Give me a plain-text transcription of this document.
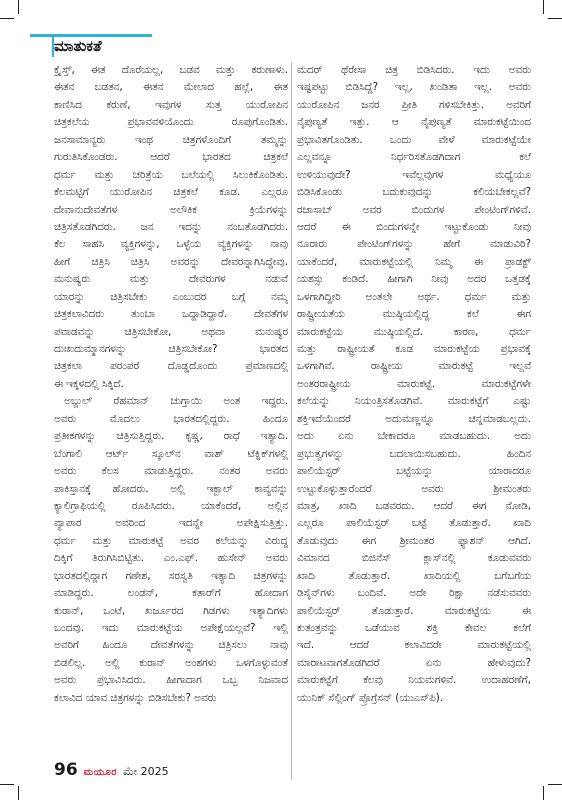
ಮಾತುಕತೆ
ಕ್ರೈಸ್ತ್, ಈತ ದೊರೆಯಲ್ಲ, ಬಡವ ಮತ್ತು ಕರುಣಾಳು.
ಈತನ ಬಡತನ, ಈತನ ಮೇಲಾದ ಹಲ್ಲೆ, ಈತ
ಕಾಣಿಸಿದ ಕರುಣೆ, ಇವುಗಳ ಸುತ್ತ ಯುರೋಪಿನ
ಚಿತ್ರಕಲೆಯ ಪ್ರಭಾವವಳಿಯೊಂದು ರೂಪುಗೊಂಡಿತು.
ಜನಸಾಮಾನ್ಯರು ಇಂಥ ಚಿತ್ರಗಳೊಂದಿಗೆ ತಮ್ಮನ್ನು
ಗುರುತಿಸಿಕೊಂಡರು. ಆದರೆ ಭಾರತದ ಚಿತ್ರಕಲೆ
ಧರ್ಮ ಮತ್ತು ಚರಿತ್ರೆಯ ಬಲೆಯಲ್ಲಿ ಸಿಲುಕಿಕೊಂಡಿತು.
ಕೆಲಮಟ್ಟಿಗೆ ಯುರೋಪಿನ ಚಿತ್ರಕಲೆ ಕೂಡ. ಎಲ್ಲರೂ
ದೇವಾನುದೇವತೆಗಳ ಅಲೌಕಿಕ ಕ್ರಿಯೆಗಳನ್ನು
ಚಿತ್ರಿಸತೊಡಗಿದರು. ಜನ ಇದನ್ನು ನಂಬತೊಡಗಿದರು.
ಕೆಲ ಸಾಹಸಿ ವ್ಯಕ್ತಿಗಳನ್ನು, ಒಳ್ಳೆಯ ವ್ಯಕ್ತಿಗಳನ್ನು ನಾವು
ಹೀಗೆ ಚಿತ್ರಿಸಿ ಚಿತ್ರಿಸಿ ಅವರನ್ನು ದೇವರನ್ನಾಗಿಸಿದ್ದೇವು.
ಮನುಷ್ಯರು ಮತ್ತು ದೇವರುಗಳ ನಡುವೆ
ಯಾರನ್ನು ಚಿತ್ರಿಸಬೇಕು ಎಂಬುದರ ಬಗ್ಗೆ ನಮ್ಮ
ಚಿತ್ರಕಲಾವಿದರು ತುಂಬಾ ಒದ್ದಾಡಿದ್ದಾರೆ. ದೇವತೆಗಳ
ಪವಾಡವನ್ನು ಚಿತ್ರಿಸಬೇಕೋ, ಅಥವಾ ಮನುಷ್ಯರ
ದುಃಖದುಮ್ಮಾನಗಳನ್ನು ಚಿತ್ರಿಸಬೇಕೋ? ಭಾರತದ
ಚಿತ್ರಕಲಾ ಪರಂಪರೆ ದೊಡ್ಡದೊಂದು ಪ್ರಮಾಣದಲ್ಲಿ
ಈ ಇಕ್ಕಳದಲ್ಲಿ ಸಿಕ್ಕಿದೆ.
ಅಬ್ದುಲ್ ರೆಹಮಾನ್ ಚುಗ್ತಾಯಿ ಅಂತ ಇದ್ದರು.
ಅವರು ಮೊದಲು ಭಾರತದಲ್ಲಿದ್ದರು. ಹಿಂದೂ
ಪ್ರತೀಕಗಳನ್ನು ಚಿತ್ರಿಸುತ್ತಿದ್ದರು. ಕೃಷ್ಣ, ರಾಧೆ ಇತ್ಯಾದಿ.
ಬೆಂಗಾಲಿ ಆರ್ಟ್ ಸ್ಕೂಲ್‌ನ ವಾಶ್ ಟೆಕ್ನಿಕ್‌ಗಳಲ್ಲಿ
ಅವರು ಕೆಲಸ ಮಾಡುತ್ತಿದ್ದರು. ನಂತರ ಅವರು
ಪಾಕಿಸ್ತಾನಕ್ಕೆ ಹೋದರು. ಅಲ್ಲಿ ಇಕ್ಬಾಲ್ ಕಾವ್ಯವನ್ನು
ಕ್ಯಾಲಿಗ್ರಾಫಿಯಲ್ಲಿ ರೂಪಿಸಿದರು. ಯಾಕೆಂದರೆ, ಅಲ್ಲಿನ
ವ್ಯಾಪಾರ ಅವರಿಂದ ಇದನ್ನೇ ಅಪೇಕ್ಷಿಸುತ್ತಿತ್ತು.
ಧರ್ಮ ಮತ್ತು ಮಾರುಕಟ್ಟೆ ಅವರ ಕಲೆಯನ್ನು ವಿರುದ್ಧ
ದಿಕ್ಕಿಗೆ ತಿರುಗಿಸಿಬಿಟ್ಟಿತು. ಎಂ.ಎಫ್. ಹುಸೇನ್ ಅವರು
ಭಾರತದಲ್ಲಿದ್ದಾಗ ಗಣೇಶ, ಸರಸ್ವತಿ ಇತ್ಯಾದಿ ಚಿತ್ರಗಳನ್ನು
ಮಾಡಿದ್ದರು. ಲಂಡನ್, ಕತಾರ್‌ಗೆ ಹೋದಾಗ
ಕುರಾನ್, ಒಂಟೆ, ಖರ್ಜೂರದ ಗಿಡಗಳು ಇತ್ಯಾದಿಗಳು
ಬಂದವು. ಇದು ಮಾರುಕಟ್ಟೆಯ ಅಪೇಕ್ಷೆಯಲ್ಲವೆ? ಇಲ್ಲಿ
ಅವರಿಗೆ ಹಿಂದೂ ದೇವತೆಗಳನ್ನು ಚಿತ್ರಿಸಲು ನಾವು
ಬಿಡಲಿಲ್ಲ. ಅಲ್ಲಿ ಕುರಾನ್ ಅಂಶಗಳು ಒಳಗೊಳ್ಳುವಂತೆ
ಅವರು ಪ್ರಭಾವಿಸಿದರು. ಹೀಗಾದಾಗ ಒಬ್ಬ ನಿಜವಾದ
ಕಲಾವಿದ ಯಾವ ಚಿತ್ರಗಳನ್ನು ಬಿಡಿಸಬೇಕು? ಅವರು
ಮದರ್ ಥೆರೇಸಾ ಚಿತ್ರ ಬಿಡಿಸಿದರು. ಇದು ಅವರು
ಇಷ್ಟಪಟ್ಟು ಬಿಡಿಸಿದ್ದೆ? ಇಲ್ಲ, ಖಂಡಿತಾ ಇಲ್ಲ. ಅವರು
ಯುರೋಪಿನ ಜನರ ಪ್ರೀತಿ ಗಳಿಸಬೇಕಿತ್ತು. ಅವರಿಗೆ
ನೈಪುಣ್ಯತೆ ಇತ್ತು. ಆ ನೈಪುಣ್ಯತೆ ಮಾರುಕಟ್ಟೆಯಿಂದ
ಪ್ರಭಾವಿತಗೊಂಡಿತು. ಒಂದು ವೇಳೆ ಮಾರುಕಟ್ಟೆಯೇ
ಎಲ್ಲವನ್ನೂ ನಿರ್ಧರಿಸತೊಡಗಿದಾಗ ಕಲೆ
ಉಳಿಯುವುದೇ? ಇವೆಲ್ಲವುಗಳ ಮಧ್ಯೆಯೂ
ಬಿಡಿಸಿಕೊಂಡು ಬದುಕುವುದನ್ನು ಕಲಿಯಬೇಕಲ್ಲವೆ?
ರಜಾಸಾಬ್ ಅವರ ಬಿಂದುಗಳ ಪೇಂಟಿಂಗ್‌ಗಳಿವೆ.
ಆದರೆ ಈ ಬಿಂದುಗಳನ್ನೇ ಇಟ್ಟುಕೊಂಡು ನೀವು
ನೂರಾರು ಪೇಂಟಿಂಗ್‌ಗಳನ್ನು ಹೇಗೆ ಮಾಡುವಿರಿ?
ಯಾಕೆಂದರೆ, ಮಾರುಕಟ್ಟೆಯಲ್ಲಿ ನಿಮ್ಮ ಈ ಪ್ರಾಡಕ್ಟ್
ಯಶಸ್ಸು ಕಂಡಿದೆ. ಹೀಗಾಗಿ ನೀವು ಅದರ ಒತ್ತಡಕ್ಕೆ
ಒಳಗಾಗಿದ್ದೀರಿ ಅಂತಲೇ ಅರ್ಥ. ಧರ್ಮ ಮತ್ತು
ರಾಷ್ಟ್ರೀಯತೆಯ ಮುಷ್ಠಿಯಲ್ಲಿದ್ದ ಕಲೆ ಈಗ
ಮಾರುಕಟ್ಟೆಯ ಮುಷ್ಠಿಯಲ್ಲಿದೆ. ಕಾರಣ, ಧರ್ಮ
ಮತ್ತು ರಾಷ್ಟ್ರೀಯತೆ ಕೂಡ ಮಾರುಕಟ್ಟೆಯ ಪ್ರಭಾವಕ್ಕೆ
ಒಳಗಾಗಿವೆ. ರಾಷ್ಟ್ರೀಯ ಮಾರುಕಟ್ಟೆ ಇಲ್ಲವೆ
ಅಂತರರಾಷ್ಟ್ರೀಯ ಮಾರುಕಟ್ಟೆ. ಮಾರುಕಟ್ಟೆಗಳೇ
ಕಲೆಯನ್ನು ನಿಯಂತ್ರಿಸತೊಡಗಿವೆ. ಮಾರುಕಟ್ಟೆಗೆ ಎಷ್ಟು
ಶಕ್ತಿಇದೆಯೆಂದರೆ ಅದುಮಣ್ಣನ್ನೂ ಚಿನ್ನಮಾಡಬಲ್ಲದು.
ಅದು ಏನು ಬೇಕಾದರೂ ಮಾಡಬಹುದು. ಅದು
ಪ್ರಭುತ್ವಗಳನ್ನು ಬದಲಾಯಿಸಬಹುದು. ಹಿಂದಿನ
ಪಾಲಿಯೆಸ್ಟರ್ ಬಟ್ಟೆಯನ್ನು ಯಾರಾದರೂ
ಉಟ್ಟುಕೊಳ್ಳುತ್ತಾರೆಂದರೆ ಅವರು ಶ್ರೀಮಂತರು
ಮಾತ್ರ, ಖಾದಿ ಬಡವರದು. ಆದರೆ ಈಗ ನೋಡಿ,
ಎಲ್ಲರೂ ಪಾಲಿಯೆಸ್ಟರ್ ಬಟ್ಟೆ ತೊಡುತ್ತಾರೆ. ಖಾದಿ
ತೊಡುವುದು ಈಗ ಶ್ರೀಮಂತರ ಫ್ಯಾಶನ್ ಆಗಿದೆ.
ವಿಮಾನದ ಬಿಜಿನೆಸ್ ಕ್ಲಾಸ್‌ನಲ್ಲಿ ಕೂಡುವವರು
ಖಾದಿ ತೊಡುತ್ತಾರೆ. ಖಾದಿಯಲ್ಲಿ ಬಗೆಬಗೆಯ
ಡಿಸೈನ್‌ಗಳು ಬಂದಿವೆ. ಅದೇ ರಿಕ್ಷಾ ನಡೆಸುವವರು
ಪಾಲಿಯೆಸ್ಟರ್ ತೊಡುತ್ತಾರೆ. ಮಾರುಕಟ್ಟೆಯ ಈ
ಕುತಂತ್ರವನ್ನು ಒಡೆಯುವ ಶಕ್ತಿ ಕೇವಲ ಕಲೆಗೆ
ಇದೆ. ಆದರೆ ಕಲಾವಿದರೇ ಮಾರುಕಟ್ಟೆಯಲ್ಲಿ
ಮಾರಾಟವಾಗತೊಡಗಿದರೆ ಏನು ಹೇಳುವುದು?
ಮಾರುಕಟ್ಟೆಗೆ ಕೆಲವು ನಿಯಮಗಳಿವೆ. ಉದಾಹರಣೆಗೆ,
ಯುನಿಕ್ ಸೆಲ್ಲಿಂಗ್ ಪ್ರೊಗ್ರೆಸನ್ (ಯುಎಸ್‌ಪಿ).
96 ಮಯೂರ ಮೇ 2025
